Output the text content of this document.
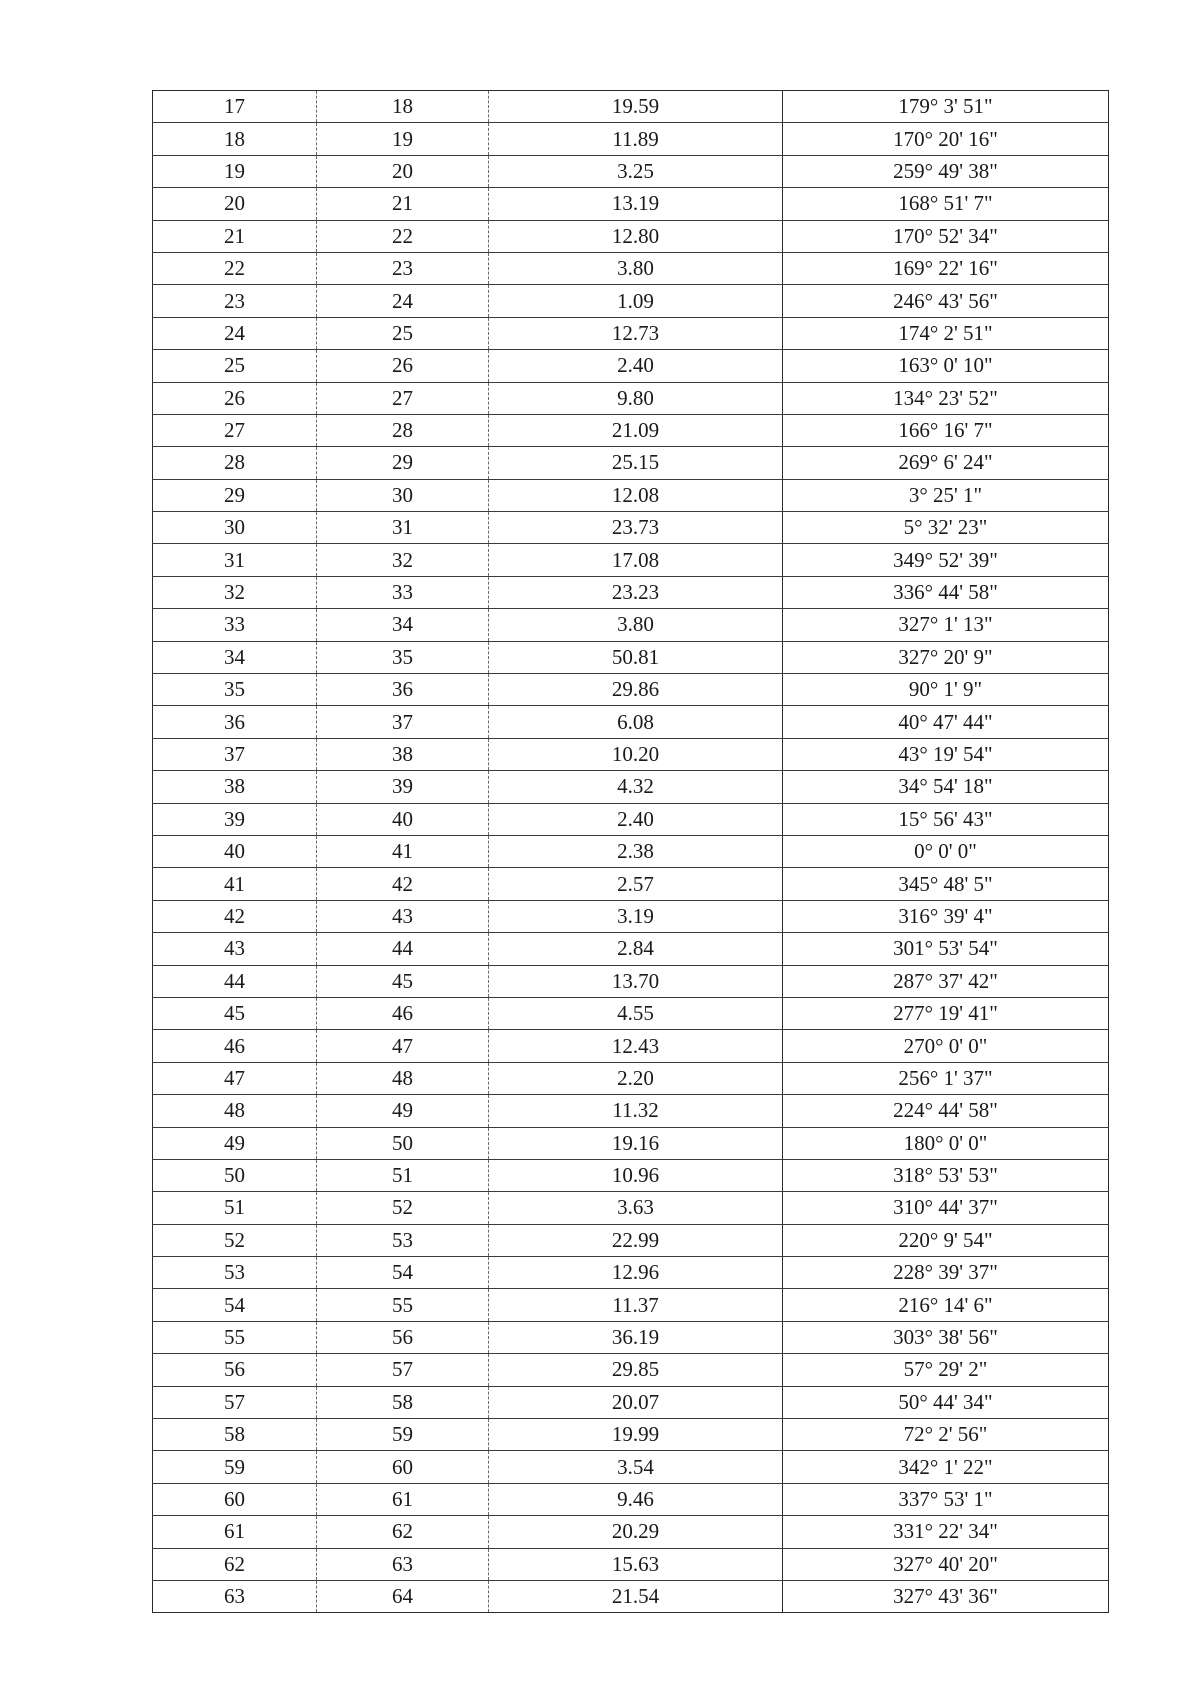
17	18	19.59	179° 3' 51"
18	19	11.89	170° 20' 16"
19	20	3.25	259° 49' 38"
20	21	13.19	168° 51' 7"
21	22	12.80	170° 52' 34"
22	23	3.80	169° 22' 16"
23	24	1.09	246° 43' 56"
24	25	12.73	174° 2' 51"
25	26	2.40	163° 0' 10"
26	27	9.80	134° 23' 52"
27	28	21.09	166° 16' 7"
28	29	25.15	269° 6' 24"
29	30	12.08	3° 25' 1"
30	31	23.73	5° 32' 23"
31	32	17.08	349° 52' 39"
32	33	23.23	336° 44' 58"
33	34	3.80	327° 1' 13"
34	35	50.81	327° 20' 9"
35	36	29.86	90° 1' 9"
36	37	6.08	40° 47' 44"
37	38	10.20	43° 19' 54"
38	39	4.32	34° 54' 18"
39	40	2.40	15° 56' 43"
40	41	2.38	0° 0' 0"
41	42	2.57	345° 48' 5"
42	43	3.19	316° 39' 4"
43	44	2.84	301° 53' 54"
44	45	13.70	287° 37' 42"
45	46	4.55	277° 19' 41"
46	47	12.43	270° 0' 0"
47	48	2.20	256° 1' 37"
48	49	11.32	224° 44' 58"
49	50	19.16	180° 0' 0"
50	51	10.96	318° 53' 53"
51	52	3.63	310° 44' 37"
52	53	22.99	220° 9' 54"
53	54	12.96	228° 39' 37"
54	55	11.37	216° 14' 6"
55	56	36.19	303° 38' 56"
56	57	29.85	57° 29' 2"
57	58	20.07	50° 44' 34"
58	59	19.99	72° 2' 56"
59	60	3.54	342° 1' 22"
60	61	9.46	337° 53' 1"
61	62	20.29	331° 22' 34"
62	63	15.63	327° 40' 20"
63	64	21.54	327° 43' 36"
